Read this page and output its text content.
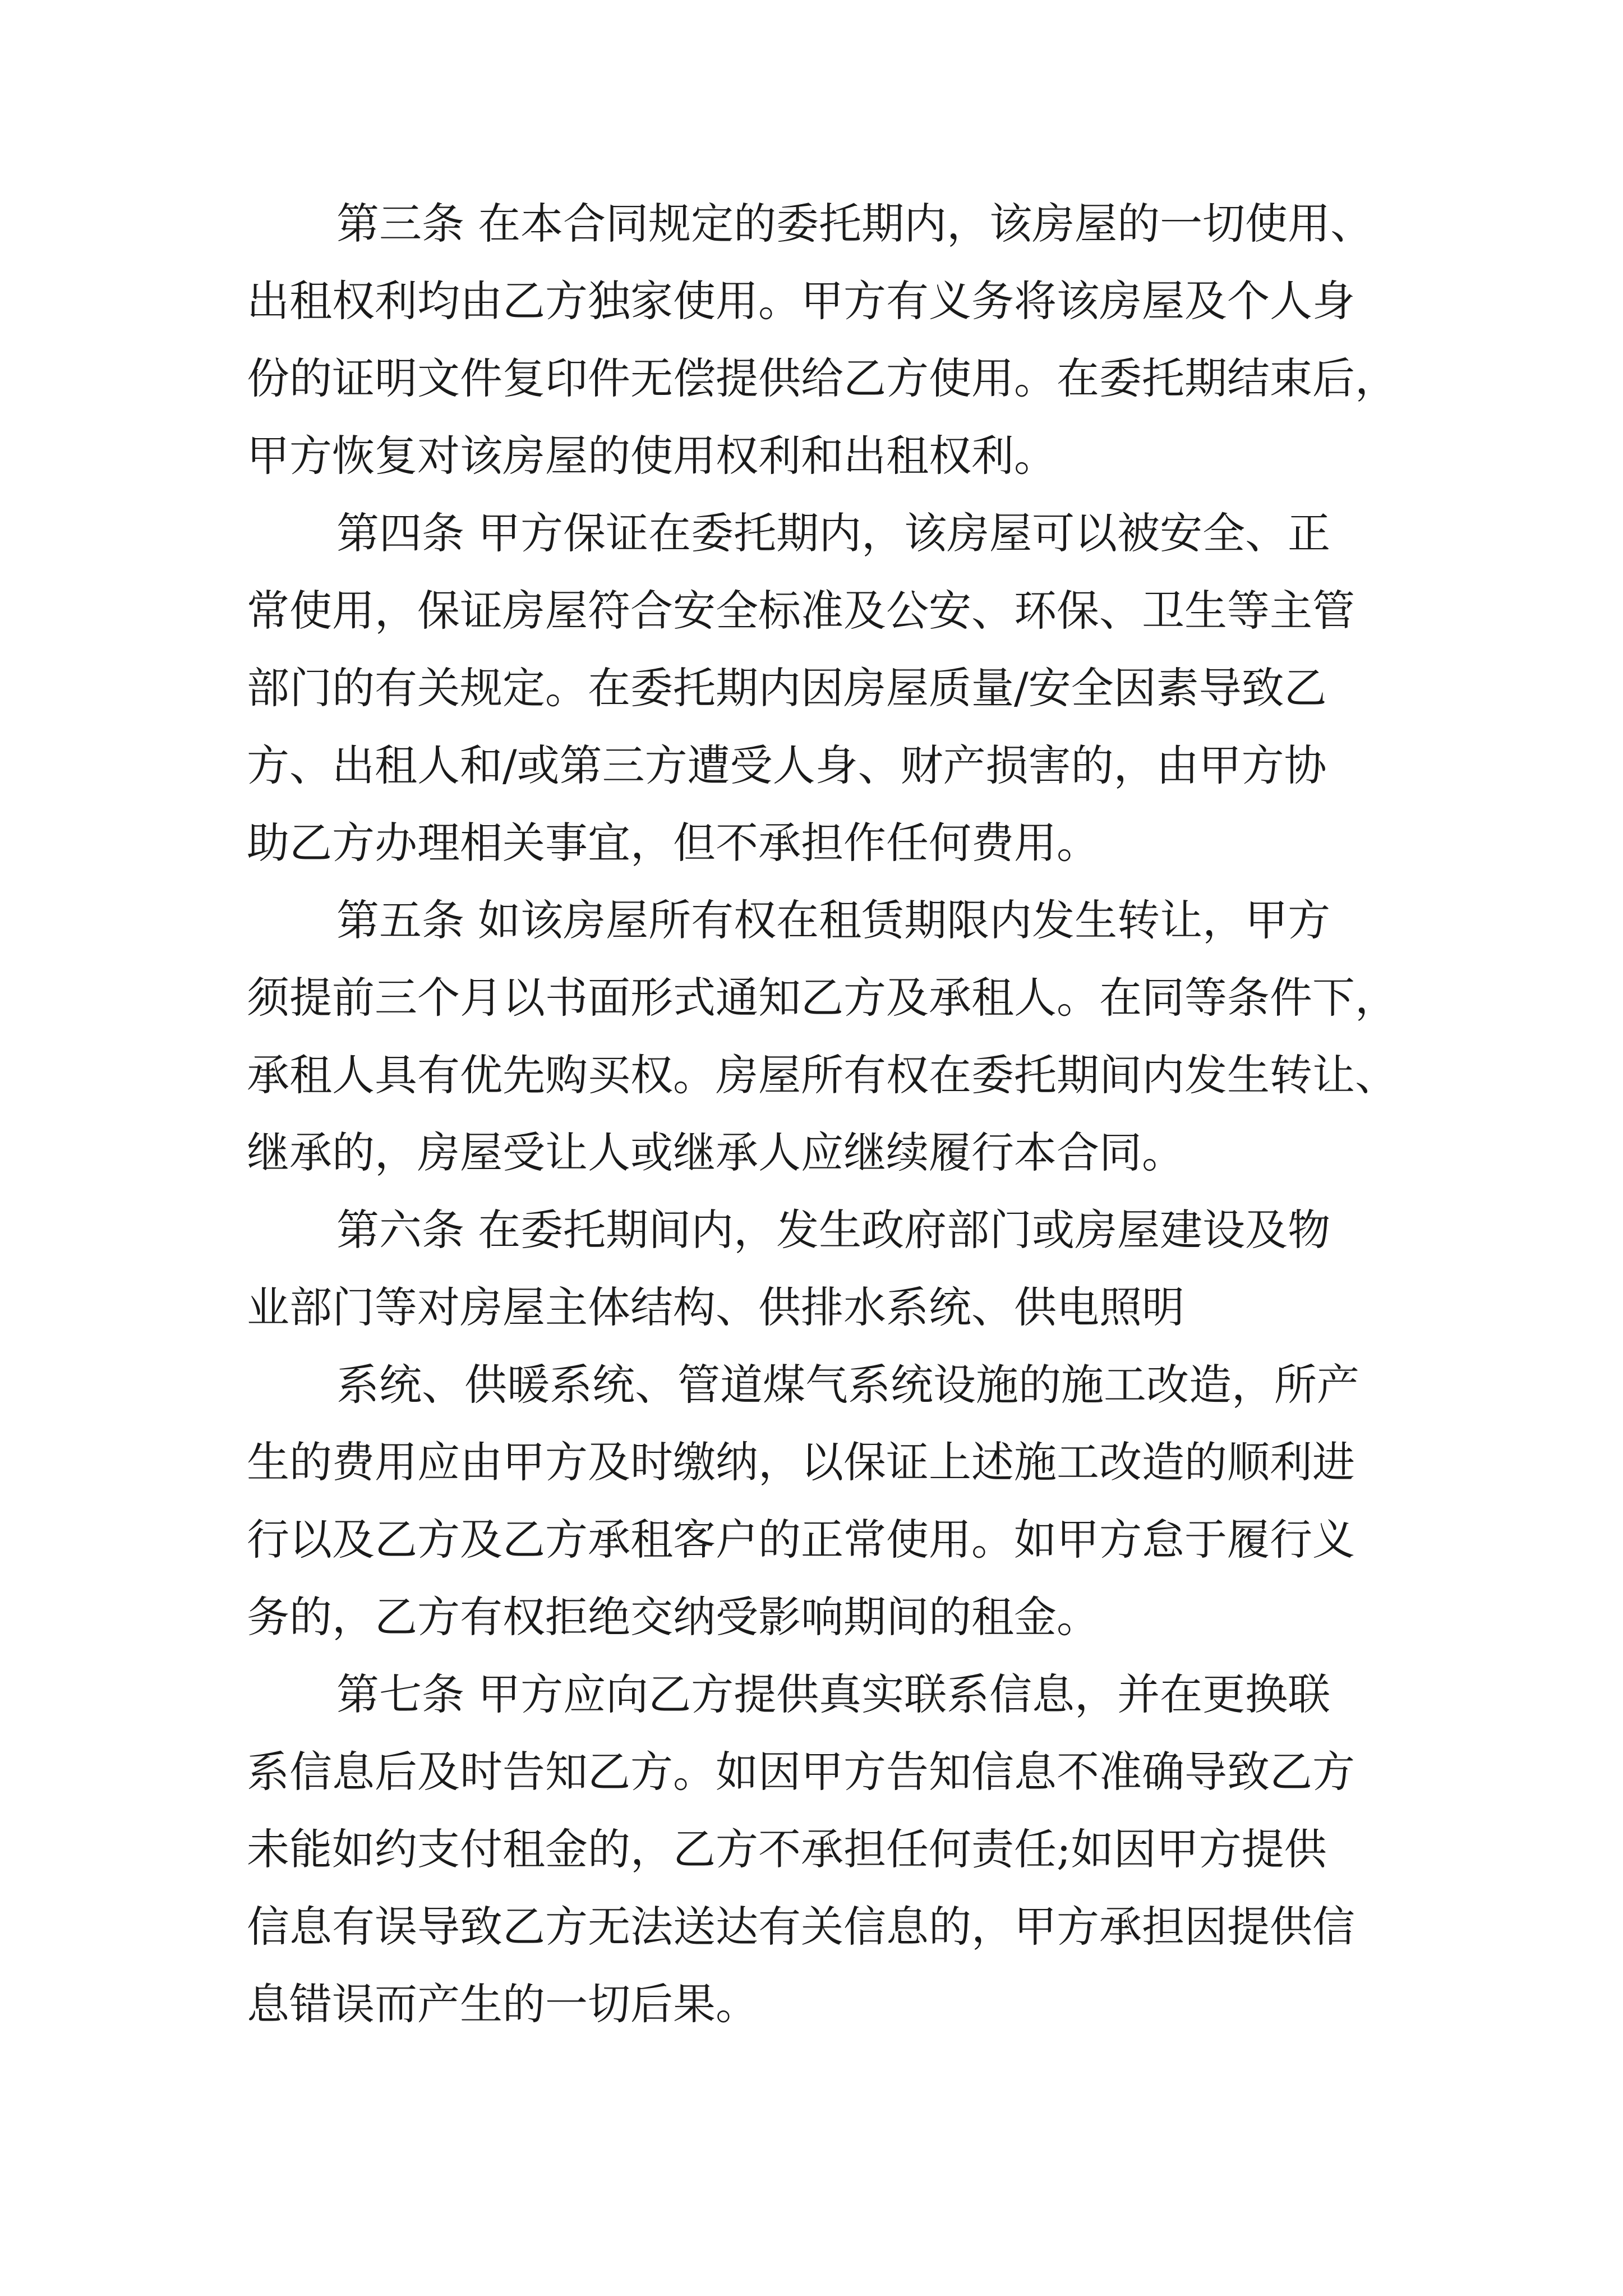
第三条 在本合同规定的委托期内，该房屋的一切使用、
出租权利均由乙方独家使用。甲方有义务将该房屋及个人身
份的证明文件复印件无偿提供给乙方使用。在委托期结束后，
甲方恢复对该房屋的使用权利和出租权利。
第四条 甲方保证在委托期内，该房屋可以被安全、正
常使用，保证房屋符合安全标准及公安、环保、卫生等主管
部门的有关规定。在委托期内因房屋质量/安全因素导致乙
方、出租人和/或第三方遭受人身、财产损害的，由甲方协
助乙方办理相关事宜，但不承担作任何费用。
第五条 如该房屋所有权在租赁期限内发生转让，甲方
须提前三个月以书面形式通知乙方及承租人。在同等条件下，
承租人具有优先购买权。房屋所有权在委托期间内发生转让、
继承的，房屋受让人或继承人应继续履行本合同。
第六条 在委托期间内，发生政府部门或房屋建设及物
业部门等对房屋主体结构、供排水系统、供电照明
系统、供暖系统、管道煤气系统设施的施工改造，所产
生的费用应由甲方及时缴纳，以保证上述施工改造的顺利进
行以及乙方及乙方承租客户的正常使用。如甲方怠于履行义
务的，乙方有权拒绝交纳受影响期间的租金。
第七条 甲方应向乙方提供真实联系信息，并在更换联
系信息后及时告知乙方。如因甲方告知信息不准确导致乙方
未能如约支付租金的，乙方不承担任何责任;如因甲方提供
信息有误导致乙方无法送达有关信息的，甲方承担因提供信
息错误而产生的一切后果。
